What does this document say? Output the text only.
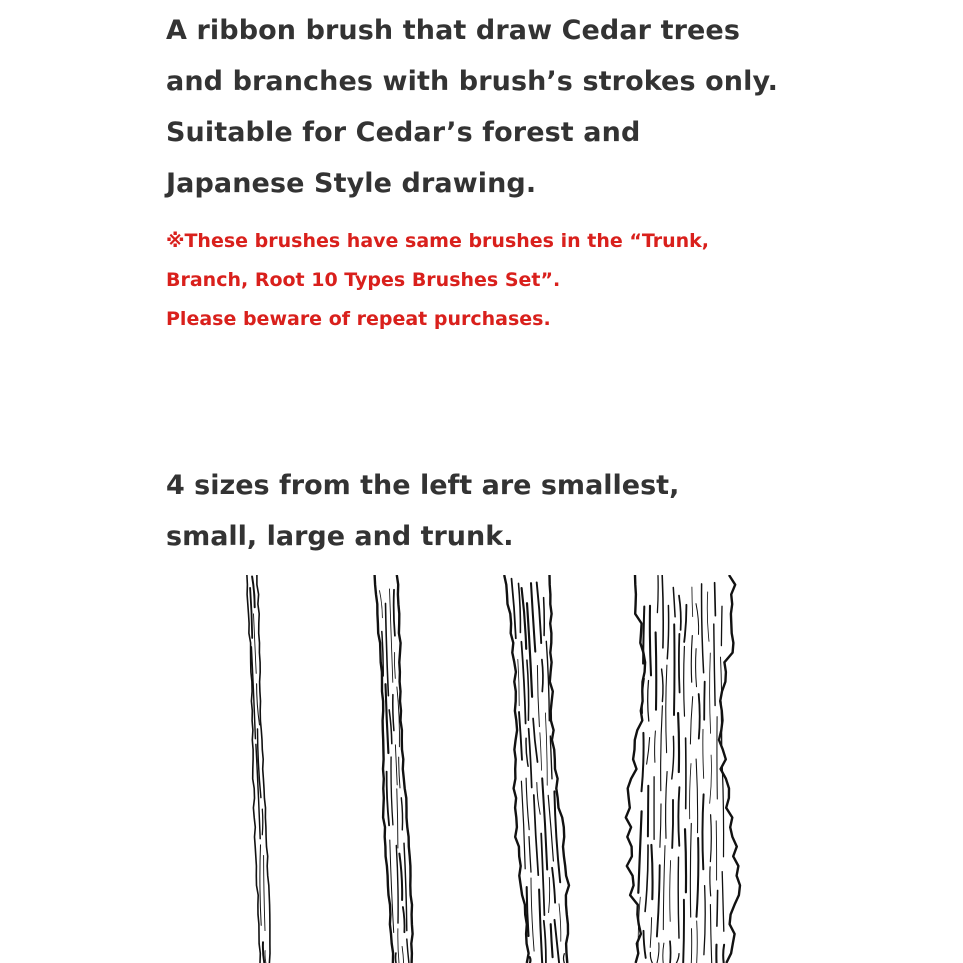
A ribbon brush that draw Cedar trees
and branches with brush’s strokes only.
Suitable for Cedar’s forest and
Japanese Style drawing.
※These brushes have same brushes in the “Trunk,
Branch, Root 10 Types Brushes Set”.
Please beware of repeat purchases.
4 sizes from the left are smallest,
small, large and trunk.
